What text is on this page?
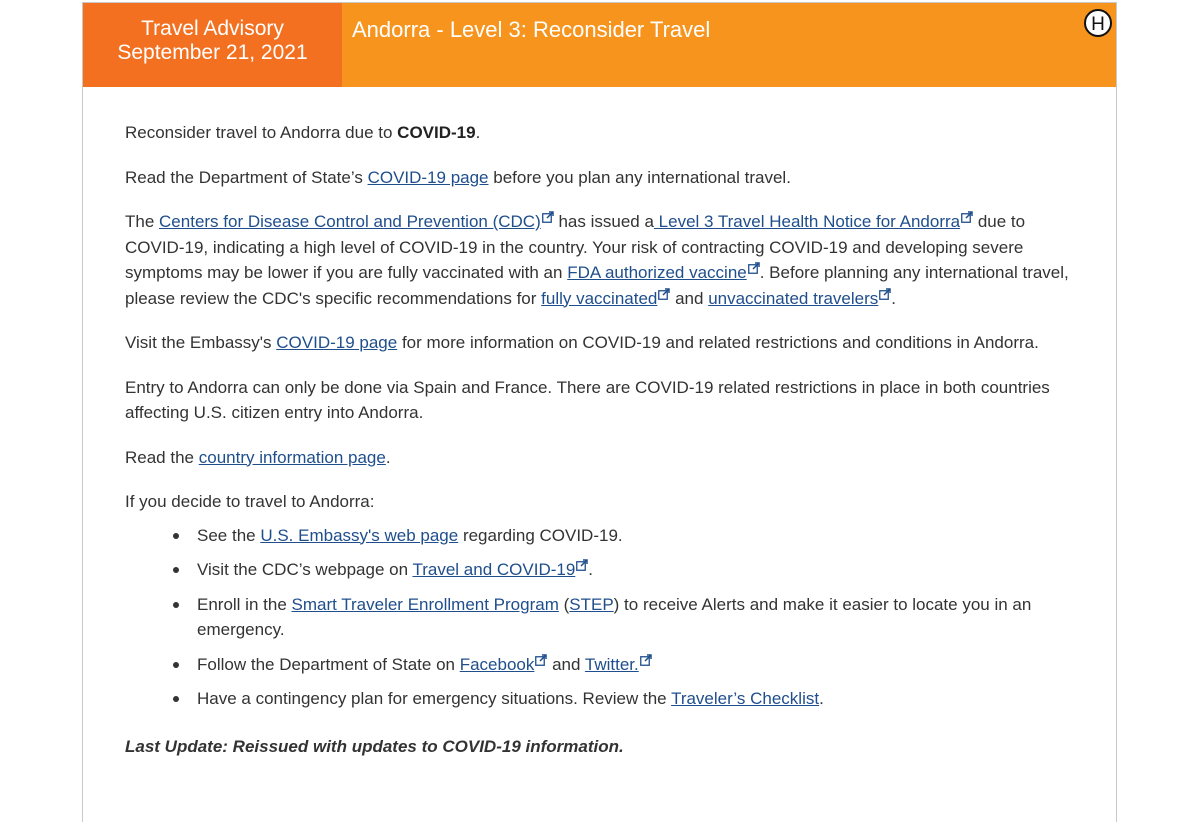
Travel Advisory
September 21, 2021
Andorra - Level 3: Reconsider Travel	H

Reconsider travel to Andorra due to COVID-19.

Read the Department of State’s COVID-19 page before you plan any international travel.

The Centers for Disease Control and Prevention (CDC)
has issued a Level 3 Travel Health Notice for Andorra
due to COVID-19, indicating a high level of COVID-19 in the country. Your risk of contracting COVID-19 and developing severe symptoms may be lower if you are fully vaccinated with an FDA authorized vaccine . Before planning any international travel, please review the CDC's specific recommendations for fully vaccinated
and unvaccinated travelers .

Visit the Embassy's COVID-19 page for more information on COVID-19 and related restrictions and conditions in Andorra.

Entry to Andorra can only be done via Spain and France. There are COVID-19 related restrictions in place in both countries affecting U.S. citizen entry into Andorra.

Read the country information page.

If you decide to travel to Andorra:

See the U.S. Embassy's web page regarding COVID-19.
Visit the CDC’s webpage on Travel and COVID-19 .
Enroll in the Smart Traveler Enrollment Program (STEP) to receive Alerts and make it easier to locate you in an emergency.
Follow the Department of State on Facebook
and Twitter.
Have a contingency plan for emergency situations. Review the Traveler’s Checklist.
Last Update: Reissued with updates to COVID-19 information.
